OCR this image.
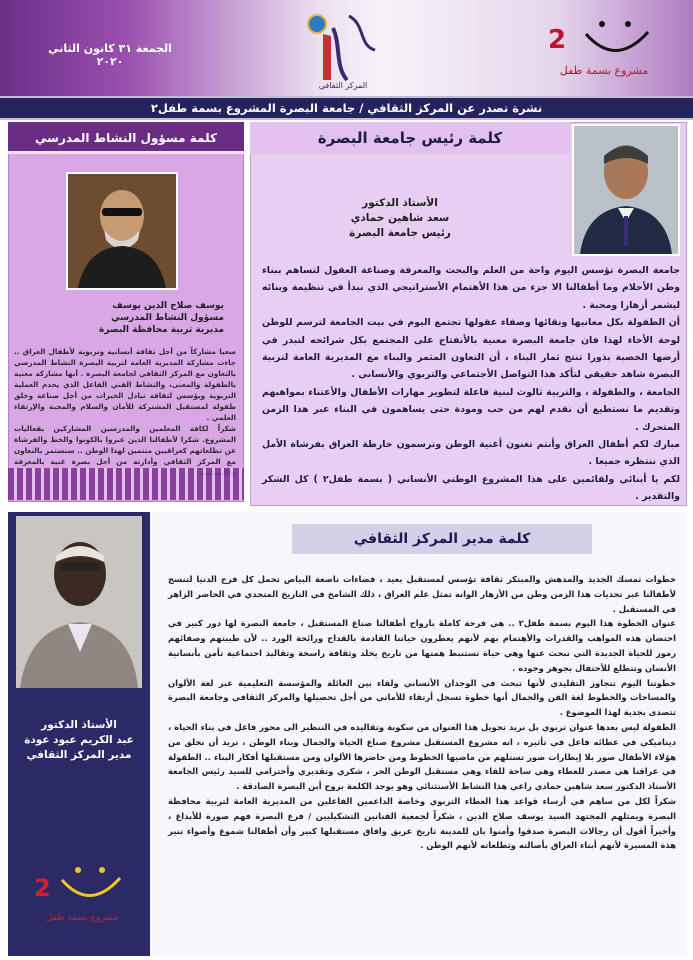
الجمعة ٣١ كانون الثاني ٢٠٢٠
المركز الثقافي
2
مشروع بسمة طفل
نشرة تصدر عن المركز الثقافي / جامعة البصرة المشروع بسمة طفل٢
كلمة مسؤول النشاط المدرسي
يوسف صلاح الدين يوسف
مسؤول النشاط المدرسي
مديرية تربية محافظة البصرة

سعيا مشاركاً من أجل ثقافة أنسانية وتربوية لأطفال العراق .. جاءت مشاركة المديرية العامة لتربية البصرة النشاط المدرسي بالتعاون مع المركز الثقافي لجامعة البصرة . أنها مشاركة معنية بالطفولة والمعنى، والنشاط الفني الفاعل الذي يخدم العملية التربوية ويؤسس لثقافة تبادل الخبرات من أجل صناعة وخلق طفولة لمستقبل المشتركة للأمان والسلام والمحبة والإرتقاء العلمي .

شكراً لكافة المعلمين والمدرسين المشاركين بفعاليات المشروع. شكرا لأطفالنا الذين عبروا بالكونوا والخط والفرشاة عن تطلعاتهم كعراقيين منتمين لهذا الوطن .. سنستمر بالتعاون مع المركز الثقافي وأدارته من أجل بصرة غنية بالمعرفة

كلمة رئيس جامعة البصرة
الأستاذ الدكتور
سعد شاهين حمادي
رئيس جامعة البصرة

جامعة البصرة تؤسس اليوم واحة من العلم والبحث والمعرفة وصناعة العقول لتساهم ببناء وطن الأحلام وما أطفالنا الا جزء من هذا الأهتمام الأستراتيجي الذي نبدأ في تنظيمة وبنائه ليشمر أزهارا ومحبة .

أن الطفولة بكل معانيها ونقائها وصفاء عقولها تجتمع اليوم في بيت الجامعة لترسم للوطن لوحة الأخاء لهذا فان جامعة البصرة معنية بالأنفتاح على المجتمع بكل شرائحه لتبدر في أرضها الخصبة بذورا تنتج ثمار البناء ، أن التعاون المثمر والبناء مع المديرية العامة لتربية البصرة شاهد حقيقي لتأكد هذا التواصل الأجتماعي والتربوي والأنساني .

الجامعة ، والطفولة ، والتربية ثالوث لبنية فاعلة لتطوير مهارات الأطفال والأعتناء بمواهبهم وتقديم ما نستطيع أن نقدم لهم من حب ومودة حتى يساهمون في البناء عبر هذا الزمن المتحرك .

مبارك لكم أطفال العراق وأنتم تغنون أغنية الوطن وترسمون خارطة العراق بفرشاة الأمل الذي ننتظره جميعا .

لكم يا أبنائي ولقائمين على هذا المشروع الوطني الأنساني ( بسمة طفل٢ ) كل الشكر والتقدير .

الأستاذ الدكتور
عبد الكريم عبود عودة
مدير المركز الثقافي
2
مشروع بسمة طفل
كلمة مدير المركز الثقافي

خطوات تمسك الجديد والمدهش والمبتكر ثقافة تؤسس لمستقبل بعيد ، فضاءات ناصعة البياض تحمل كل فرح الدنيا لتنسج لأطفالنا عبر تحديات هذا الزمن وطن من الأزهار الوانه تمثل علم العراق ، ذلك الشامخ في التاريخ المتحدي في الحاضر الزاهر في المستقبل .

عنوان الخطوة هذا اليوم بسمة طفل٢ .. هي فرحة كاملة بارواح أطفالنا صناع المستقبل ، جامعة البصرة لها دور كبير في احتضان هذه المواهب والقدرات والأهتمام بهم لأنهم يعطرون حياتنا القادمة بالقداح ورائحة الورد .. لأن طيبتهم وصفائهم رموز للحياة الجديدة التي نبحث عنها وهي حياة تستنبط همتها من تاريخ يخلد وثقافة راسخة وتقاليد اجتماعية تأمن بأنسانية الأنسان وتتطلع للأحتفال بجوهر وجوده .

خطوتنا اليوم تتجاوز التقليدي لأنها تبحث في الوجدان الأنساني ولقاء بين العائلة والمؤسسة التعليمية عبر لغة الألوان والمساحات والخطوط لغة الفن والجمال أنها خطوة تسجل أرتقاء للأماني من أجل تحصيلها والمركز الثقافي وجامعة البصرة تتصدى بجدية لهذا الموضوع .

الطفولة ليس بعدها عنوان تربوي بل نريد تحويل هذا العنوان من سكونة وتقاليده في التنظير الى محور فاعل في بناء الحياة ، ديناميكي في عطائه فاعل في تأثيره ، انه مشروع المستقبل مشروع صناع الحياة والجمال وبناء الوطن ، نريد أن نخلق من هؤلاء الأطفال صور بلا إيطارات صور تستلهم من ماضيها الخطوط ومن حاضرها الألوان ومن مستقبلها أفكار البناء .. الطفولة في عراقنا هي مصدر للعطاء وهي ساحة للقاء وهي مستقبل الوطن الحر ، شكري وتقديري وأحترامي للسيد رئيس الجامعة الأستاذ الدكتور سعد شاهين حمادي راعي هذا النشاط الأستثنائي وهو يوحد الكلمة بروح أبن البصرة الصادقة .

شكراً لكل من ساهم في أرساء قواعد هذا العطاء التربوي وخاصة الداعمين الفاعلين من المديرية العامة لتربية محافظة البصرة ويمثلهم المجتهد السيد يوسف صلاح الدين ، شكراً لجمعية الفنانين التشكيليين / فرع البصرة فهم صورة للأبداع ، وأخيراً أقول أن رجالات البصرة صدقوا وأمنوا بان للمدينة تاريخ عريق وافاق مستقبلها كبير وأن أطفالنا شموع وأضواء تنير هذة المسيرة لأنهم أبناء العراق بأصالته وتطلعاته لأنهم الوطن .
